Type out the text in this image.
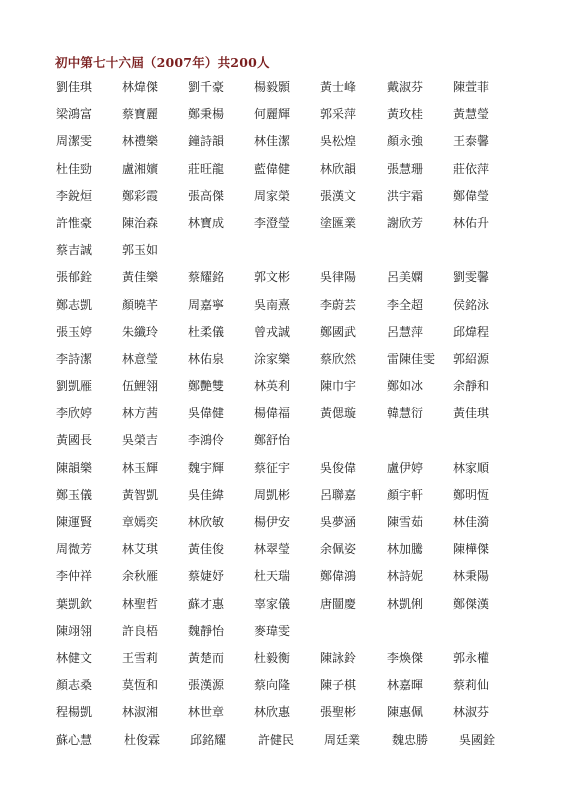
初中第七十六屆（2007年）共200人
劉佳琪 林煒傑 劉千豪 楊毅顥 黃士峰	戴淑芬 陳萱菲
梁鴻富 蔡寶麗 鄭秉楊 何麗輝 郭采萍	黃玫桂 黃慧瑩
周潔雯 林禮樂 鐘詩韻 林佳潔 吳松煌	顏永強 王泰馨
杜佳勁 盧湘嬪 莊旺龍 藍偉健 林欣韻	張慧珊 莊依萍
李銳烜 鄭彩霞 張高傑 周家榮 張漢文	洪宇霜 鄭偉瑩
許惟豪 陳治森 林寶成 李澄瑩 塗匯業	謝欣芳 林佑升
蔡吉誠 郭玉如
張郁銓 黃佳樂 蔡耀銘 郭文彬 吳律陽	呂美嫻 劉雯馨
鄭志凱 顏曉芊 周嘉寧 吳南熹 李蔚芸	李全超 侯銘泳
張玉婷 朱纖玲 杜柔儀 曾戎誠 鄭國武	呂慧萍 邱煒程
李詩潔 林意瑩 林佑泉 涂家樂 蔡欣然	雷陳佳雯 郭紹源
劉凱雁 伍鯉翎 鄭艷雙 林英利 陳巾宇	鄭如冰 余靜和
李欣婷 林方茜 吳偉健 楊偉福 黃偲璇	韓慧衍 黃佳琪
黃國長 吳榮吉 李鴻伶 鄭舒怡
陳韻樂 林玉輝 魏宇輝 蔡征宇 吳俊偉	盧伊婷 林家順
鄭玉儀 黃智凱 吳佳緯 周凱彬 呂聯嘉	顏宇軒 鄭明恆
陳運賢 章嫣奕 林欣敏 楊伊安 吳夢涵	陳雪茹 林佳漪
周微芳 林艾琪 黃佳俊 林翠瑩 余佩姿	林加騰 陳樺傑
李仲祥 余秋雁 蔡婕妤 杜天瑞 鄭偉鴻	林詩妮 林秉陽
葉凱欽 林聖哲 蘇才惠 辜家儀 唐闓慶	林凱俐 鄭傑漢
陳翊翎 許良梧 魏靜怡 麥瑋雯
林健文 王雪莉 黃楚而 杜毅衡 陳詠鈴	李煥傑 郭永權
顏志桑 莫恆和 張漢源 蔡向隆 陳子棋	林嘉暉 蔡莉仙
程楊凱 林淑湘 林世章 林欣惠 張聖彬	陳惠佩 林淑芬
蘇心慧	杜俊霖 邱銘耀	許健民 周廷業	魏忠勝	吳國銓
